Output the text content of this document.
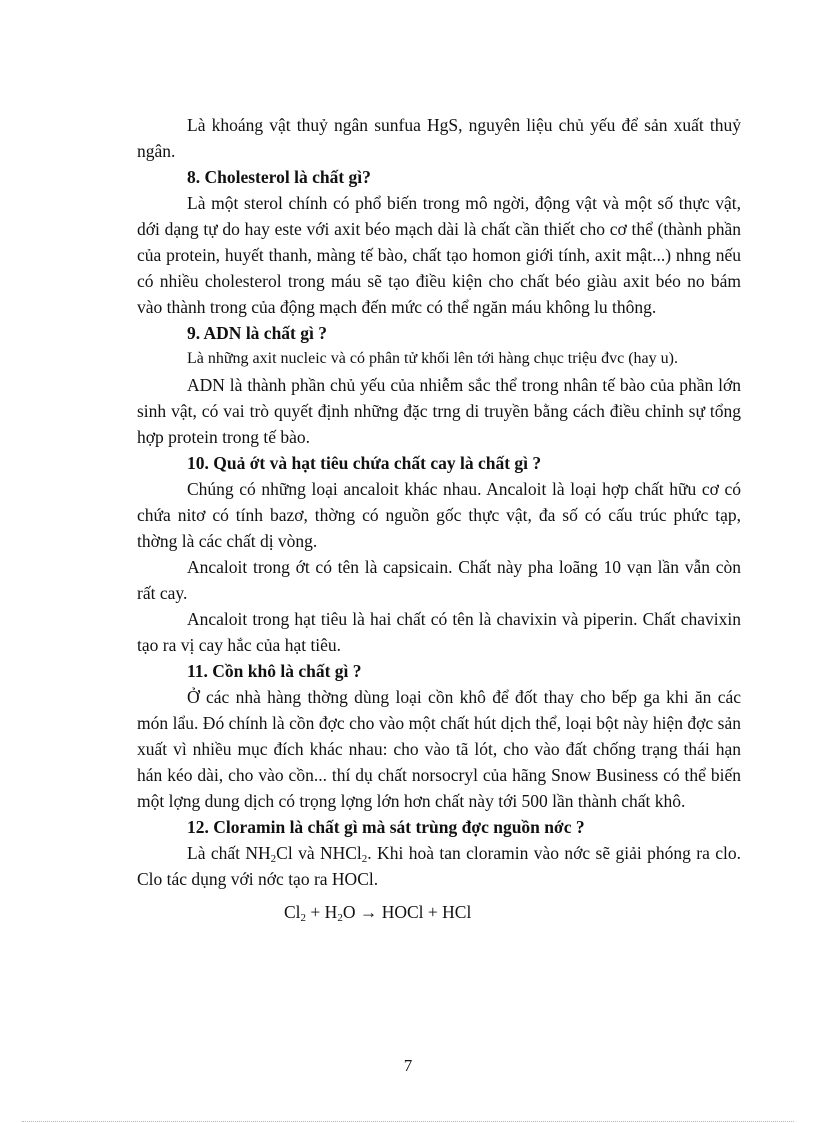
Là khoáng vật thuỷ ngân sunfua HgS, nguyên liệu chủ yếu để sản xuất thuỷ ngân.

8. Cholesterol là chất gì?

Là một sterol chính có phổ biến trong mô ngời, động vật và một số thực vật, dới dạng tự do hay este với axit béo mạch dài là chất cần thiết cho cơ thể (thành phần của protein, huyết thanh, màng tế bào, chất tạo homon giới tính, axit mật...) nhng nếu có nhiều cholesterol trong máu sẽ tạo điều kiện cho chất béo giàu axit béo no bám vào thành trong của động mạch đến mức có thể ngăn máu không lu thông.

9. ADN là chất gì ?

Là những axit nucleic và có phân tử khối lên tới hàng chục triệu đvc (hay u).

ADN là thành phần chủ yếu của nhiễm sắc thể trong nhân tế bào của phần lớn sinh vật, có vai trò quyết định những đặc trng di truyền bằng cách điều chỉnh sự tổng hợp protein trong tế bào.

10. Quả ớt và hạt tiêu chứa chất cay là chất gì ?

Chúng có những loại ancaloit khác nhau. Ancaloit là loại hợp chất hữu cơ có chứa nitơ có tính bazơ, thờng có nguồn gốc thực vật, đa số có cấu trúc phức tạp, thờng là các chất dị vòng.

Ancaloit trong ớt có tên là capsicain. Chất này pha loãng 10 vạn lần vẫn còn rất cay.

Ancaloit trong hạt tiêu là hai chất có tên là chavixin và piperin. Chất chavixin tạo ra vị cay hắc của hạt tiêu.

11. Cồn khô là chất gì ?

Ở các nhà hàng thờng dùng loại cồn khô để đốt thay cho bếp ga khi ăn các món lẩu. Đó chính là cồn đợc cho vào một chất hút dịch thể, loại bột này hiện đợc sản xuất vì nhiều mục đích khác nhau: cho vào tã lót, cho vào đất chống trạng thái hạn hán kéo dài, cho vào cồn... thí dụ chất norsocryl của hãng Snow Business có thể biến một lợng dung dịch có trọng lợng lớn hơn chất này tới 500 lần thành chất khô.

12. Cloramin là chất gì mà sát trùng đợc nguồn nớc ?

Là chất $NH_2Cl$ và NHCl$_2$. Khi hoà tan cloramin vào nớc sẽ giải phóng ra clo. Clo tác dụng với nớc tạo ra HOCl.

$Cl_2 + H_2O$ → HOCl + HCl
7
